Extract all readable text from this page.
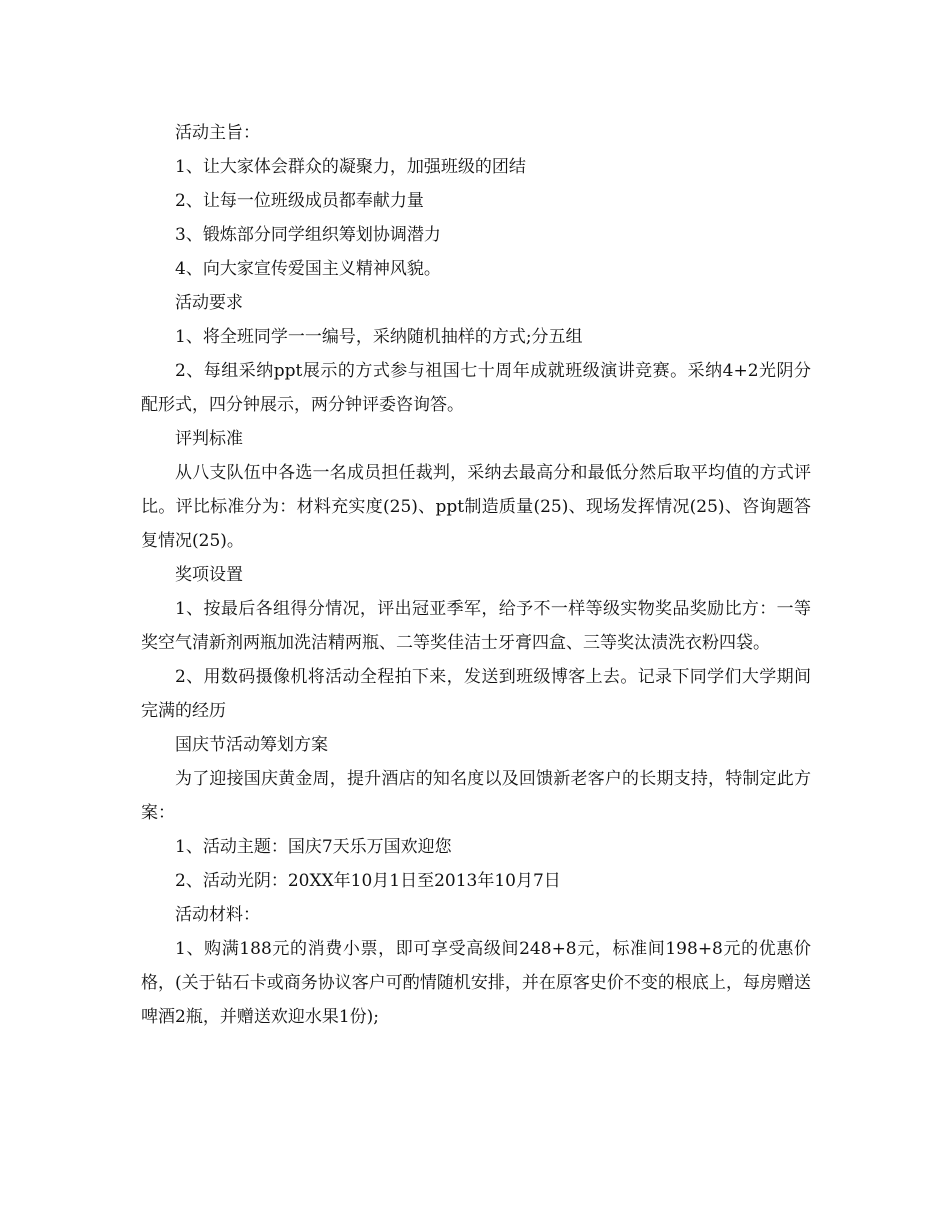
活动主旨：

1、让大家体会群众的凝聚力，加强班级的团结

2、让每一位班级成员都奉献力量

3、锻炼部分同学组织筹划协调潜力

4、向大家宣传爱国主义精神风貌。

活动要求

1、将全班同学一一编号，采纳随机抽样的方式;分五组

2、每组采纳ppt展示的方式参与祖国七十周年成就班级演讲竞赛。采纳4+2光阴分配形式，四分钟展示，两分钟评委咨询答。

评判标准

从八支队伍中各选一名成员担任裁判，采纳去最高分和最低分然后取平均值的方式评比。评比标准分为：材料充实度(25)、ppt制造质量(25)、现场发挥情况(25)、咨询题答复情况(25)。

奖项设置

1、按最后各组得分情况，评出冠亚季军，给予不一样等级实物奖品奖励比方：一等奖空气清新剂两瓶加洗洁精两瓶、二等奖佳洁士牙膏四盒、三等奖汰渍洗衣粉四袋。

2、用数码摄像机将活动全程拍下来，发送到班级博客上去。记录下同学们大学期间完满的经历

国庆节活动筹划方案

为了迎接国庆黄金周，提升酒店的知名度以及回馈新老客户的长期支持，特制定此方案：

1、活动主题：国庆7天乐万国欢迎您

2、活动光阴：20XX年10月1日至2013年10月7日

活动材料：

1、购满188元的消费小票，即可享受高级间248+8元，标准间198+8元的优惠价格，(关于钻石卡或商务协议客户可酌情随机安排，并在原客史价不变的根底上，每房赠送啤酒2瓶，并赠送欢迎水果1份);
